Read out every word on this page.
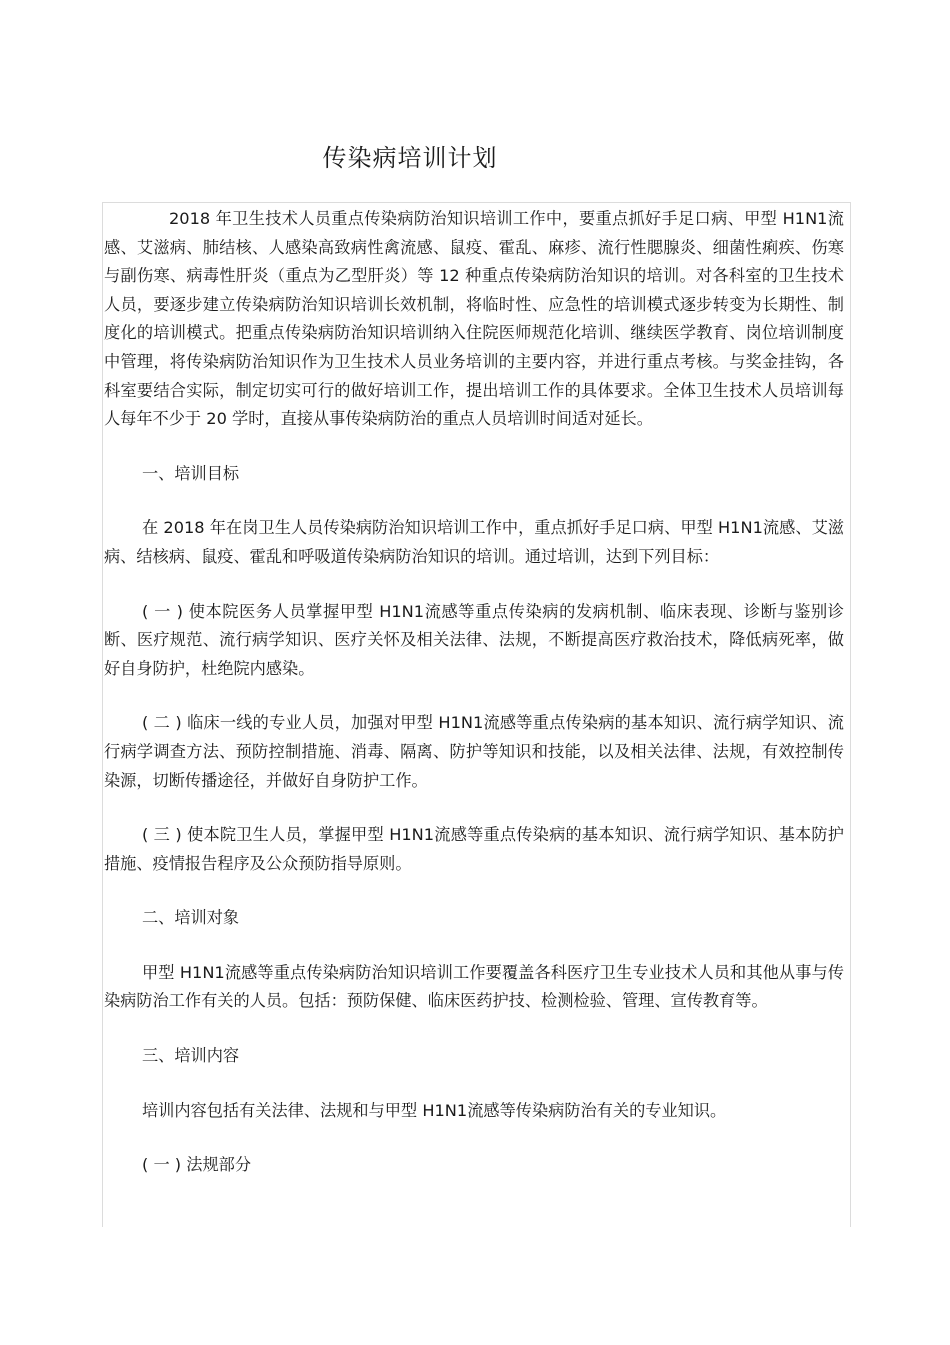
传染病培训计划

2018 年卫生技术人员重点传染病防治知识培训工作中，要重点抓好手足口病、甲型 H1N1流感、艾滋病、肺结核、人感染高致病性禽流感、鼠疫、霍乱、麻疹、流行性腮腺炎、细菌性痢疾、伤寒与副伤寒、病毒性肝炎（重点为乙型肝炎）等 12 种重点传染病防治知识的培训。对各科室的卫生技术人员，要逐步建立传染病防治知识培训长效机制，将临时性、应急性的培训模式逐步转变为长期性、制度化的培训模式。把重点传染病防治知识培训纳入住院医师规范化培训、继续医学教育、岗位培训制度中管理，将传染病防治知识作为卫生技术人员业务培训的主要内容，并进行重点考核。与奖金挂钩，各科室要结合实际，制定切实可行的做好培训工作，提出培训工作的具体要求。全体卫生技术人员培训每人每年不少于 20 学时，直接从事传染病防治的重点人员培训时间适对延长。

一、培训目标

在 2018 年在岗卫生人员传染病防治知识培训工作中，重点抓好手足口病、甲型 H1N1流感、艾滋病、结核病、鼠疫、霍乱和呼吸道传染病防治知识的培训。通过培训，达到下列目标：

( 一 ) 使本院医务人员掌握甲型 H1N1流感等重点传染病的发病机制、临床表现、诊断与鉴别诊断、医疗规范、流行病学知识、医疗关怀及相关法律、法规，不断提高医疗救治技术，降低病死率，做好自身防护，杜绝院内感染。

( 二 ) 临床一线的专业人员，加强对甲型 H1N1流感等重点传染病的基本知识、流行病学知识、流行病学调查方法、预防控制措施、消毒、隔离、防护等知识和技能，以及相关法律、法规，有效控制传染源，切断传播途径，并做好自身防护工作。

( 三 ) 使本院卫生人员，掌握甲型 H1N1流感等重点传染病的基本知识、流行病学知识、基本防护措施、疫情报告程序及公众预防指导原则。

二、培训对象

甲型 H1N1流感等重点传染病防治知识培训工作要覆盖各科医疗卫生专业技术人员和其他从事与传染病防治工作有关的人员。包括：预防保健、临床医药护技、检测检验、管理、宣传教育等。

三、培训内容

培训内容包括有关法律、法规和与甲型 H1N1流感等传染病防治有关的专业知识。

( 一 ) 法规部分
